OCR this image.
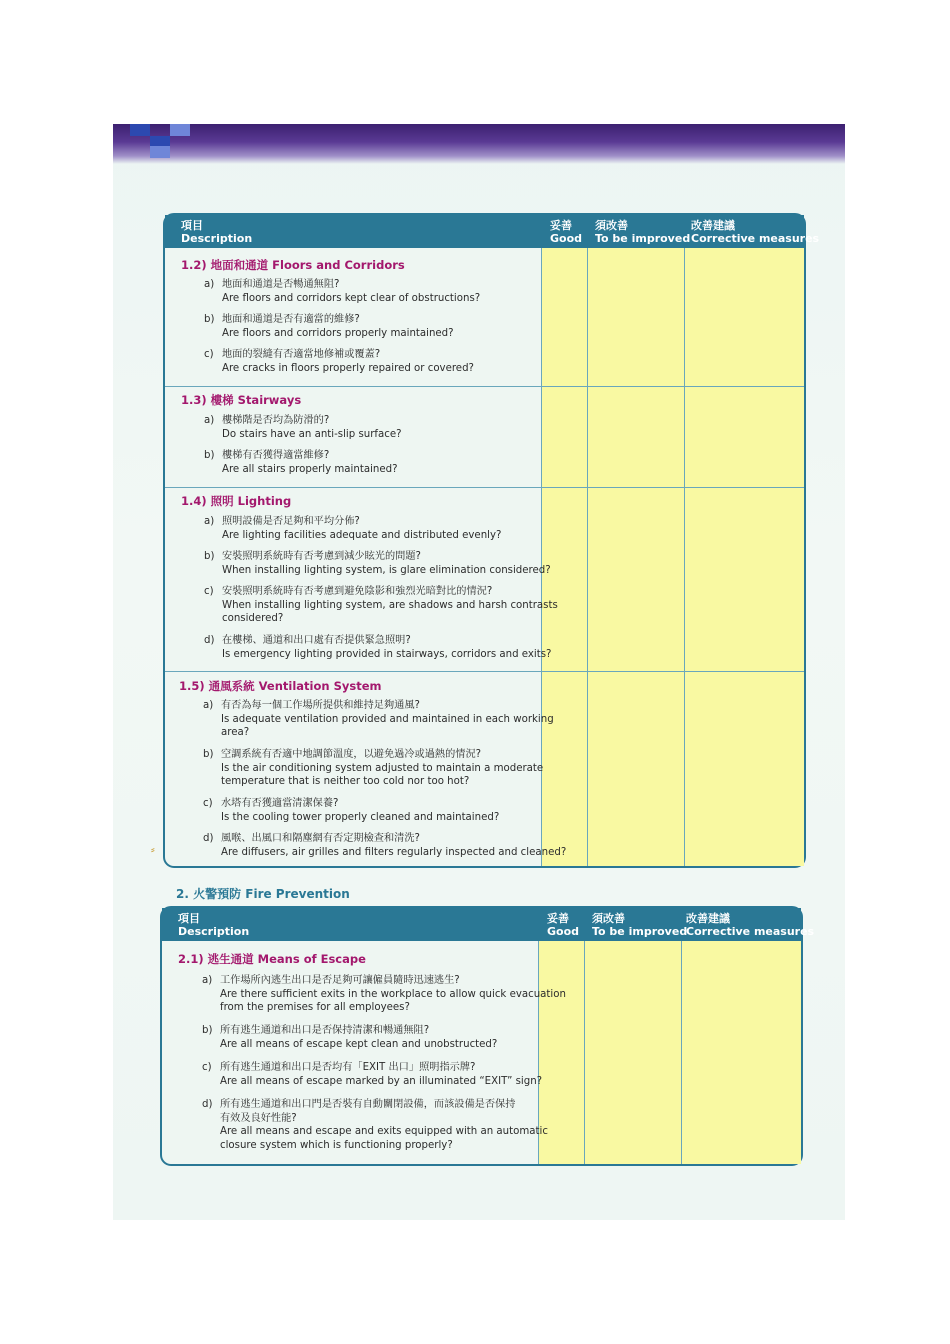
項目
Description
妥善
Good
須改善
To be improved
改善建議
Corrective measures
1.2) 地面和通道 Floors and Corridors
a) 地面和通道是否暢通無阻?
Are floors and corridors kept clear of obstructions?
b) 地面和通道是否有適當的維修?
Are floors and corridors properly maintained?
c) 地面的裂縫有否適當地修補或覆蓋?
Are cracks in floors properly repaired or covered?
1.3) 樓梯 Stairways
a) 樓梯階是否均為防滑的?
Do stairs have an anti-slip surface?
b) 樓梯有否獲得適當維修?
Are all stairs properly maintained?
1.4) 照明 Lighting
a) 照明設備是否足夠和平均分佈?
Are lighting facilities adequate and distributed evenly?
b) 安裝照明系統時有否考慮到減少眩光的問題?
When installing lighting system, is glare elimination considered?
c) 安裝照明系統時有否考慮到避免陰影和強烈光暗對比的情況?
When installing lighting system, are shadows and harsh contrasts
considered?
d) 在樓梯、通道和出口處有否提供緊急照明?
Is emergency lighting provided in stairways, corridors and exits?
1.5) 通風系統 Ventilation System
a) 有否為每一個工作場所提供和維持足夠通風?
Is adequate ventilation provided and maintained in each working
area?
b) 空調系統有否適中地調節溫度，以避免過冷或過熱的情況?
Is the air conditioning system adjusted to maintain a moderate
temperature that is neither too cold nor too hot?
c) 水塔有否獲適當清潔保養?
Is the cooling tower properly cleaned and maintained?
d) 風喉、出風口和隔塵網有否定期檢查和清洗?
Are diffusers, air grilles and filters regularly inspected and cleaned?
⸗
2. 火警預防 Fire Prevention
項目
Description
妥善
Good
須改善
To be improved
改善建議
Corrective measures
2.1) 逃生通道 Means of Escape
a) 工作場所內逃生出口是否足夠可讓僱員隨時迅速逃生?
Are there sufficient exits in the workplace to allow quick evacuation
from the premises for all employees?
b) 所有逃生通道和出口是否保持清潔和暢通無阻?
Are all means of escape kept clean and unobstructed?
c) 所有逃生通道和出口是否均有「EXIT 出口」照明指示牌?
Are all means of escape marked by an illuminated “EXIT” sign?
d) 所有逃生通道和出口門是否裝有自動關閉設備，而該設備是否保持
有效及良好性能?
Are all means and escape and exits equipped with an automatic
closure system which is functioning properly?
